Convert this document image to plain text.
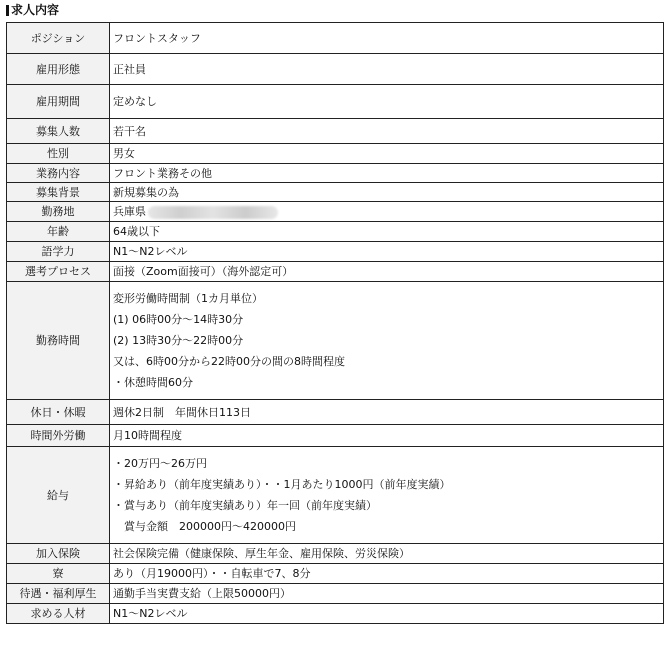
求人内容
ポジション	フロントスタッフ
雇用形態	正社員
雇用期間	定めなし
募集人数	若干名
性別	男女
業務内容	フロント業務その他
募集背景	新規募集の為
勤務地	兵庫県
年齢	64歳以下
語学力	N1～N2レベル
選考プロセス	面接（Zoom面接可）（海外認定可）
勤務時間	変形労働時間制（1カ月単位）
(1) 06時00分～14時30分
(2) 13時30分～22時00分
又は、6時00分から22時00分の間の8時間程度
・休憩時間60分

休日・休暇	週休2日制　年間休日113日
時間外労働	月10時間程度
給与	・20万円～26万円
・昇給あり（前年度実績あり）・・1月あたり1000円（前年度実績）
・賞与あり（前年度実績あり）年一回（前年度実績）
　賞与金額　200000円～420000円

加入保険	社会保険完備（健康保険、厚生年金、雇用保険、労災保険）
寮	あり（月19000円）・・自転車で7、8分
待遇・福利厚生	通勤手当実費支給（上限50000円）
求める人材	N1～N2レベル
